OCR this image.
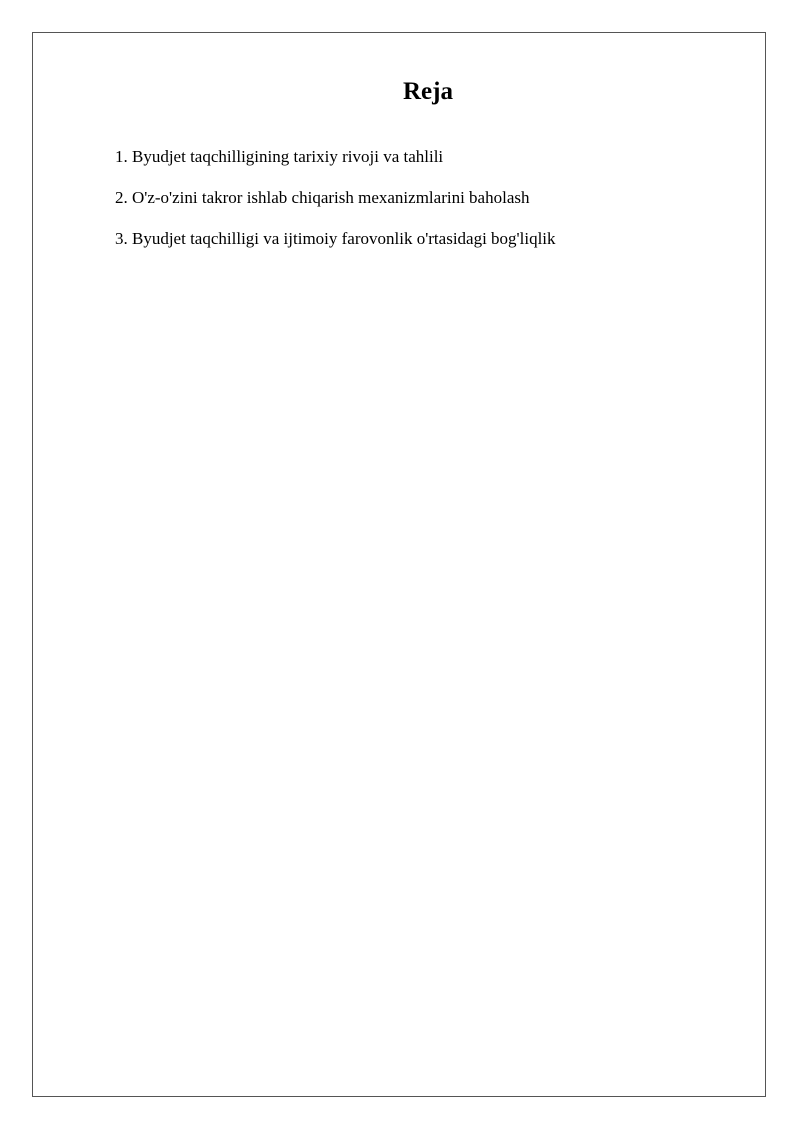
Reja
1. Byudjet taqchilligining tarixiy rivoji va tahlili
2. O'z-o'zini takror ishlab chiqarish mexanizmlarini baholash
3. Byudjet taqchilligi va ijtimoiy farovonlik o'rtasidagi bog'liqlik
